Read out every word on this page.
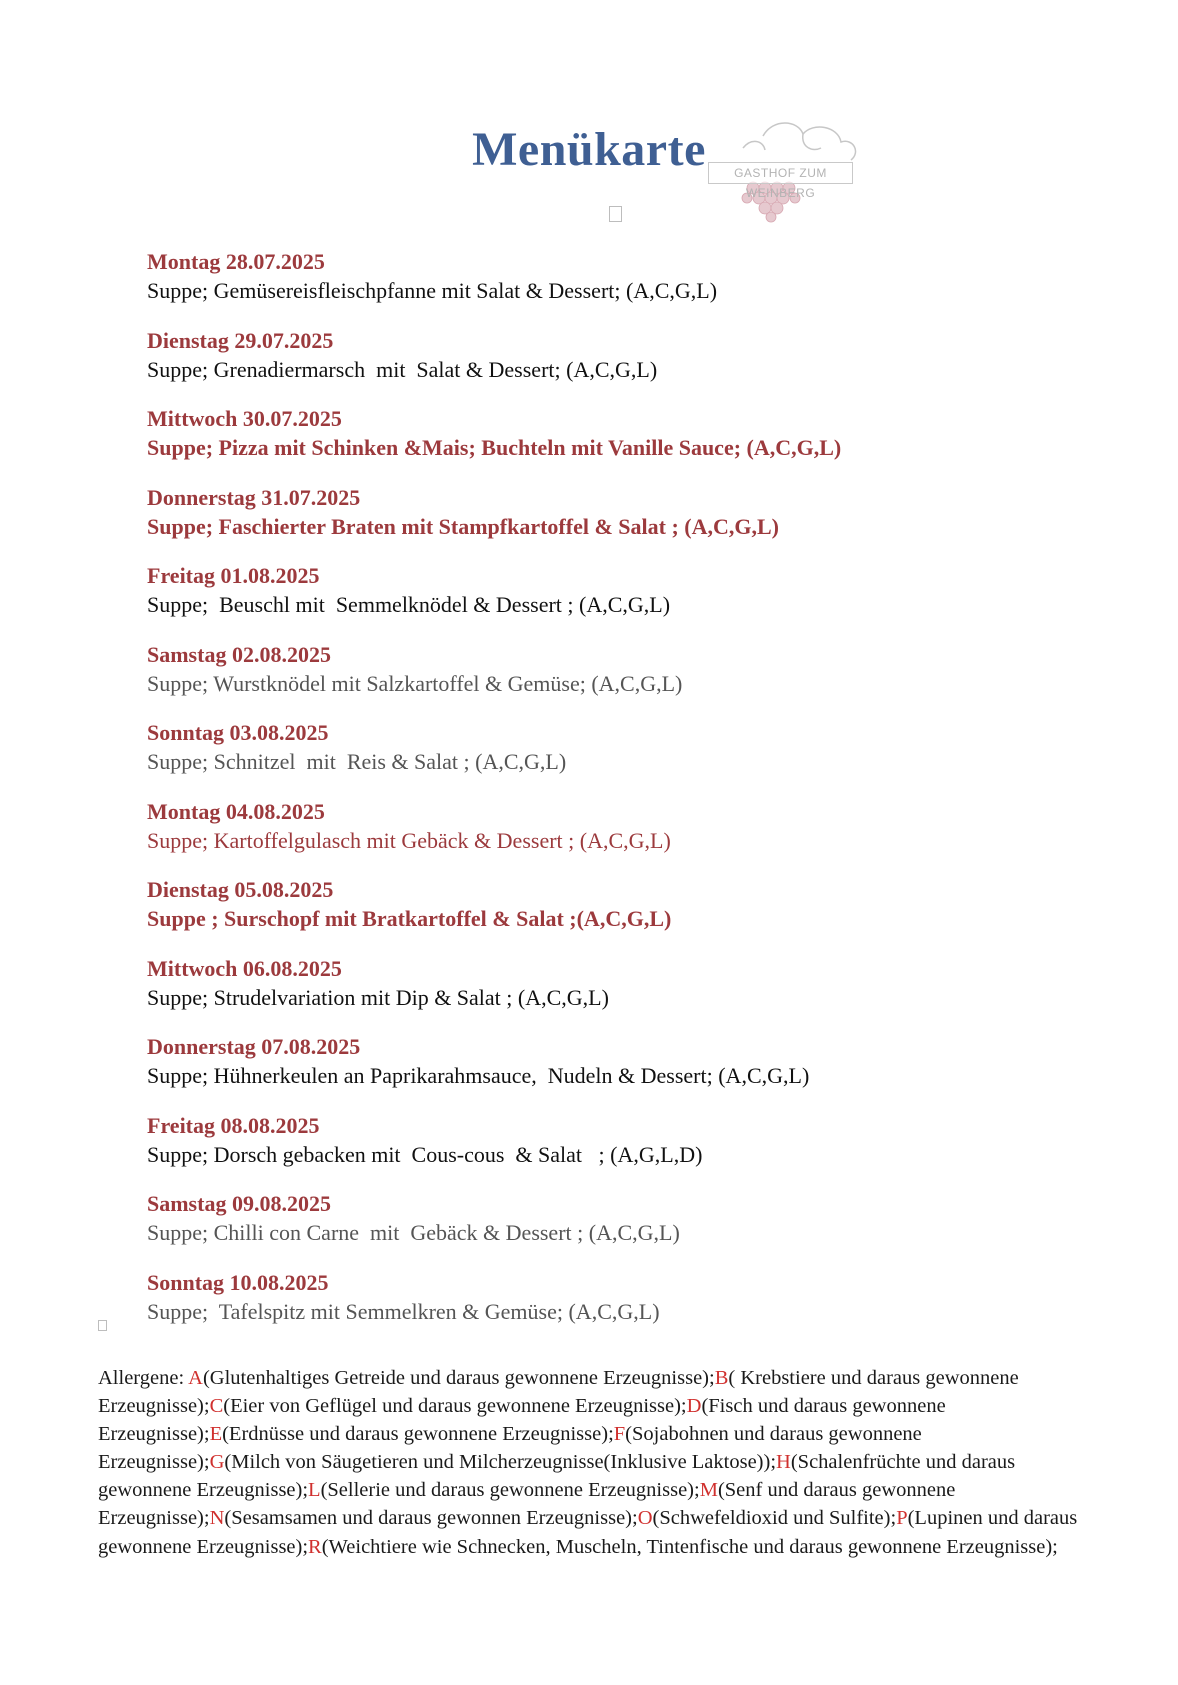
Menükarte	GASTHOF ZUM WEINBERG
Montag 28.07.2025
Suppe; Gemüsereisfleischpfanne mit Salat & Dessert; (A,C,G,L)
Dienstag 29.07.2025
Suppe; Grenadiermarsch  mit  Salat & Dessert; (A,C,G,L)
Mittwoch 30.07.2025
Suppe; Pizza mit Schinken &Mais; Buchteln mit Vanille Sauce; (A,C,G,L)
Donnerstag 31.07.2025
Suppe; Faschierter Braten mit Stampfkartoffel & Salat ; (A,C,G,L)
Freitag 01.08.2025
Suppe;  Beuschl mit  Semmelknödel & Dessert ; (A,C,G,L)
Samstag 02.08.2025
Suppe; Wurstknödel mit Salzkartoffel & Gemüse; (A,C,G,L)
Sonntag 03.08.2025
Suppe; Schnitzel  mit  Reis & Salat ; (A,C,G,L)
Montag 04.08.2025
Suppe; Kartoffelgulasch mit Gebäck & Dessert ; (A,C,G,L)
Dienstag 05.08.2025
Suppe ; Surschopf mit Bratkartoffel & Salat ;(A,C,G,L)
Mittwoch 06.08.2025
Suppe; Strudelvariation mit Dip & Salat ; (A,C,G,L)
Donnerstag 07.08.2025
Suppe; Hühnerkeulen an Paprikarahmsauce,  Nudeln & Dessert; (A,C,G,L)
Freitag 08.08.2025
Suppe; Dorsch gebacken mit  Cous-cous  & Salat   ; (A,G,L,D)
Samstag 09.08.2025
Suppe; Chilli con Carne  mit  Gebäck & Dessert ; (A,C,G,L)
Sonntag 10.08.2025
Suppe;  Tafelspitz mit Semmelkren & Gemüse; (A,C,G,L)
Allergene: A(Glutenhaltiges Getreide und daraus gewonnene Erzeugnisse);B( Krebstiere und daraus gewonnene Erzeugnisse);C(Eier von Geflügel und daraus gewonnene Erzeugnisse);D(Fisch und daraus gewonnene Erzeugnisse);E(Erdnüsse und daraus gewonnene Erzeugnisse);F(Sojabohnen und daraus gewonnene Erzeugnisse);G(Milch von Säugetieren und Milcherzeugnisse(Inklusive Laktose));H(Schalenfrüchte und daraus gewonnene Erzeugnisse);L(Sellerie und daraus gewonnene Erzeugnisse);M(Senf und daraus gewonnene Erzeugnisse);N(Sesamsamen und daraus gewonnen Erzeugnisse);O(Schwefeldioxid und Sulfite);P(Lupinen und daraus gewonnene Erzeugnisse);R(Weichtiere wie Schnecken, Muscheln, Tintenfische und daraus gewonnene Erzeugnisse);
